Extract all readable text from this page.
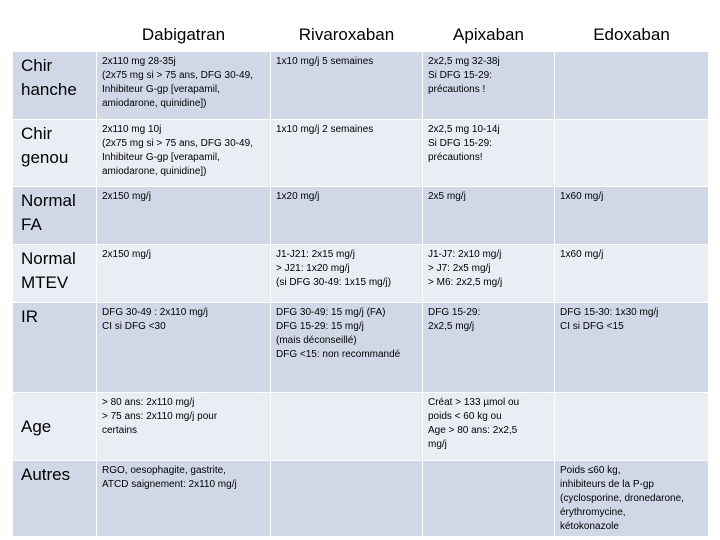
	Dabigatran	Rivaroxaban	Apixaban	Edoxaban
Chir
hanche	2x110 mg 28-35j
(2x75 mg si > 75 ans, DFG 30-49,
Inhibiteur G-gp [verapamil,
amiodarone, quinidine])	1x10 mg/j 5 semaines	2x2,5 mg 32-38j
Si DFG 15-29:
précautions !	
Chir
genou	2x110 mg 10j
(2x75 mg si > 75 ans, DFG 30-49,
Inhibiteur G-gp [verapamil,
amiodarone, quinidine])	1x10 mg/j 2 semaines	2x2,5 mg 10-14j
Si DFG 15-29:
précautions!	
Normal
FA	2x150 mg/j	1x20 mg/j	2x5 mg/j	1x60 mg/j
Normal
MTEV	2x150 mg/j	J1-J21: 2x15 mg/j
> J21: 1x20 mg/j
(si DFG 30-49: 1x15 mg/j)	J1-J7: 2x10 mg/j
> J7: 2x5 mg/j
> M6: 2x2,5 mg/j	1x60 mg/j
IR	DFG 30-49 : 2x110 mg/j
CI si DFG <30	DFG 30-49: 15 mg/j (FA)
DFG 15-29: 15 mg/j
(mais déconseillé)
DFG <15: non recommandé	DFG 15-29:
2x2,5 mg/j	DFG 15-30: 1x30 mg/j
CI si DFG <15
Age	> 80 ans: 2x110 mg/j
> 75 ans: 2x110 mg/j pour
certains		Créat > 133 µmol ou
poids < 60 kg ou
Age > 80 ans: 2x2,5
mg/j	
Autres	RGO, oesophagite, gastrite,
ATCD saignement: 2x110 mg/j			Poids ≤60 kg,
inhibiteurs de la P-gp
(cyclosporine, dronedarone,
érythromycine,
kétokonazole
